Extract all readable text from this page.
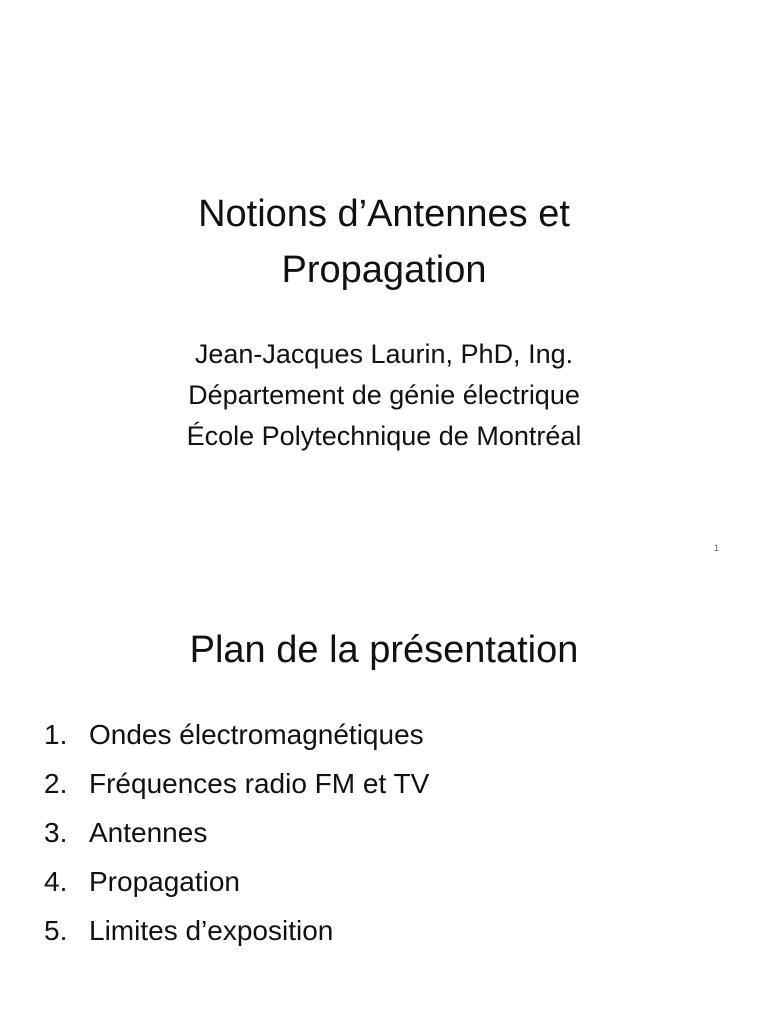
Notions d’Antennes et
Propagation
Jean-Jacques Laurin, PhD, Ing.
Département de génie électrique
École Polytechnique de Montréal
1
Plan de la présentation
1. Ondes électromagnétiques
2. Fréquences radio FM et TV
3. Antennes
4. Propagation
5. Limites d’exposition
